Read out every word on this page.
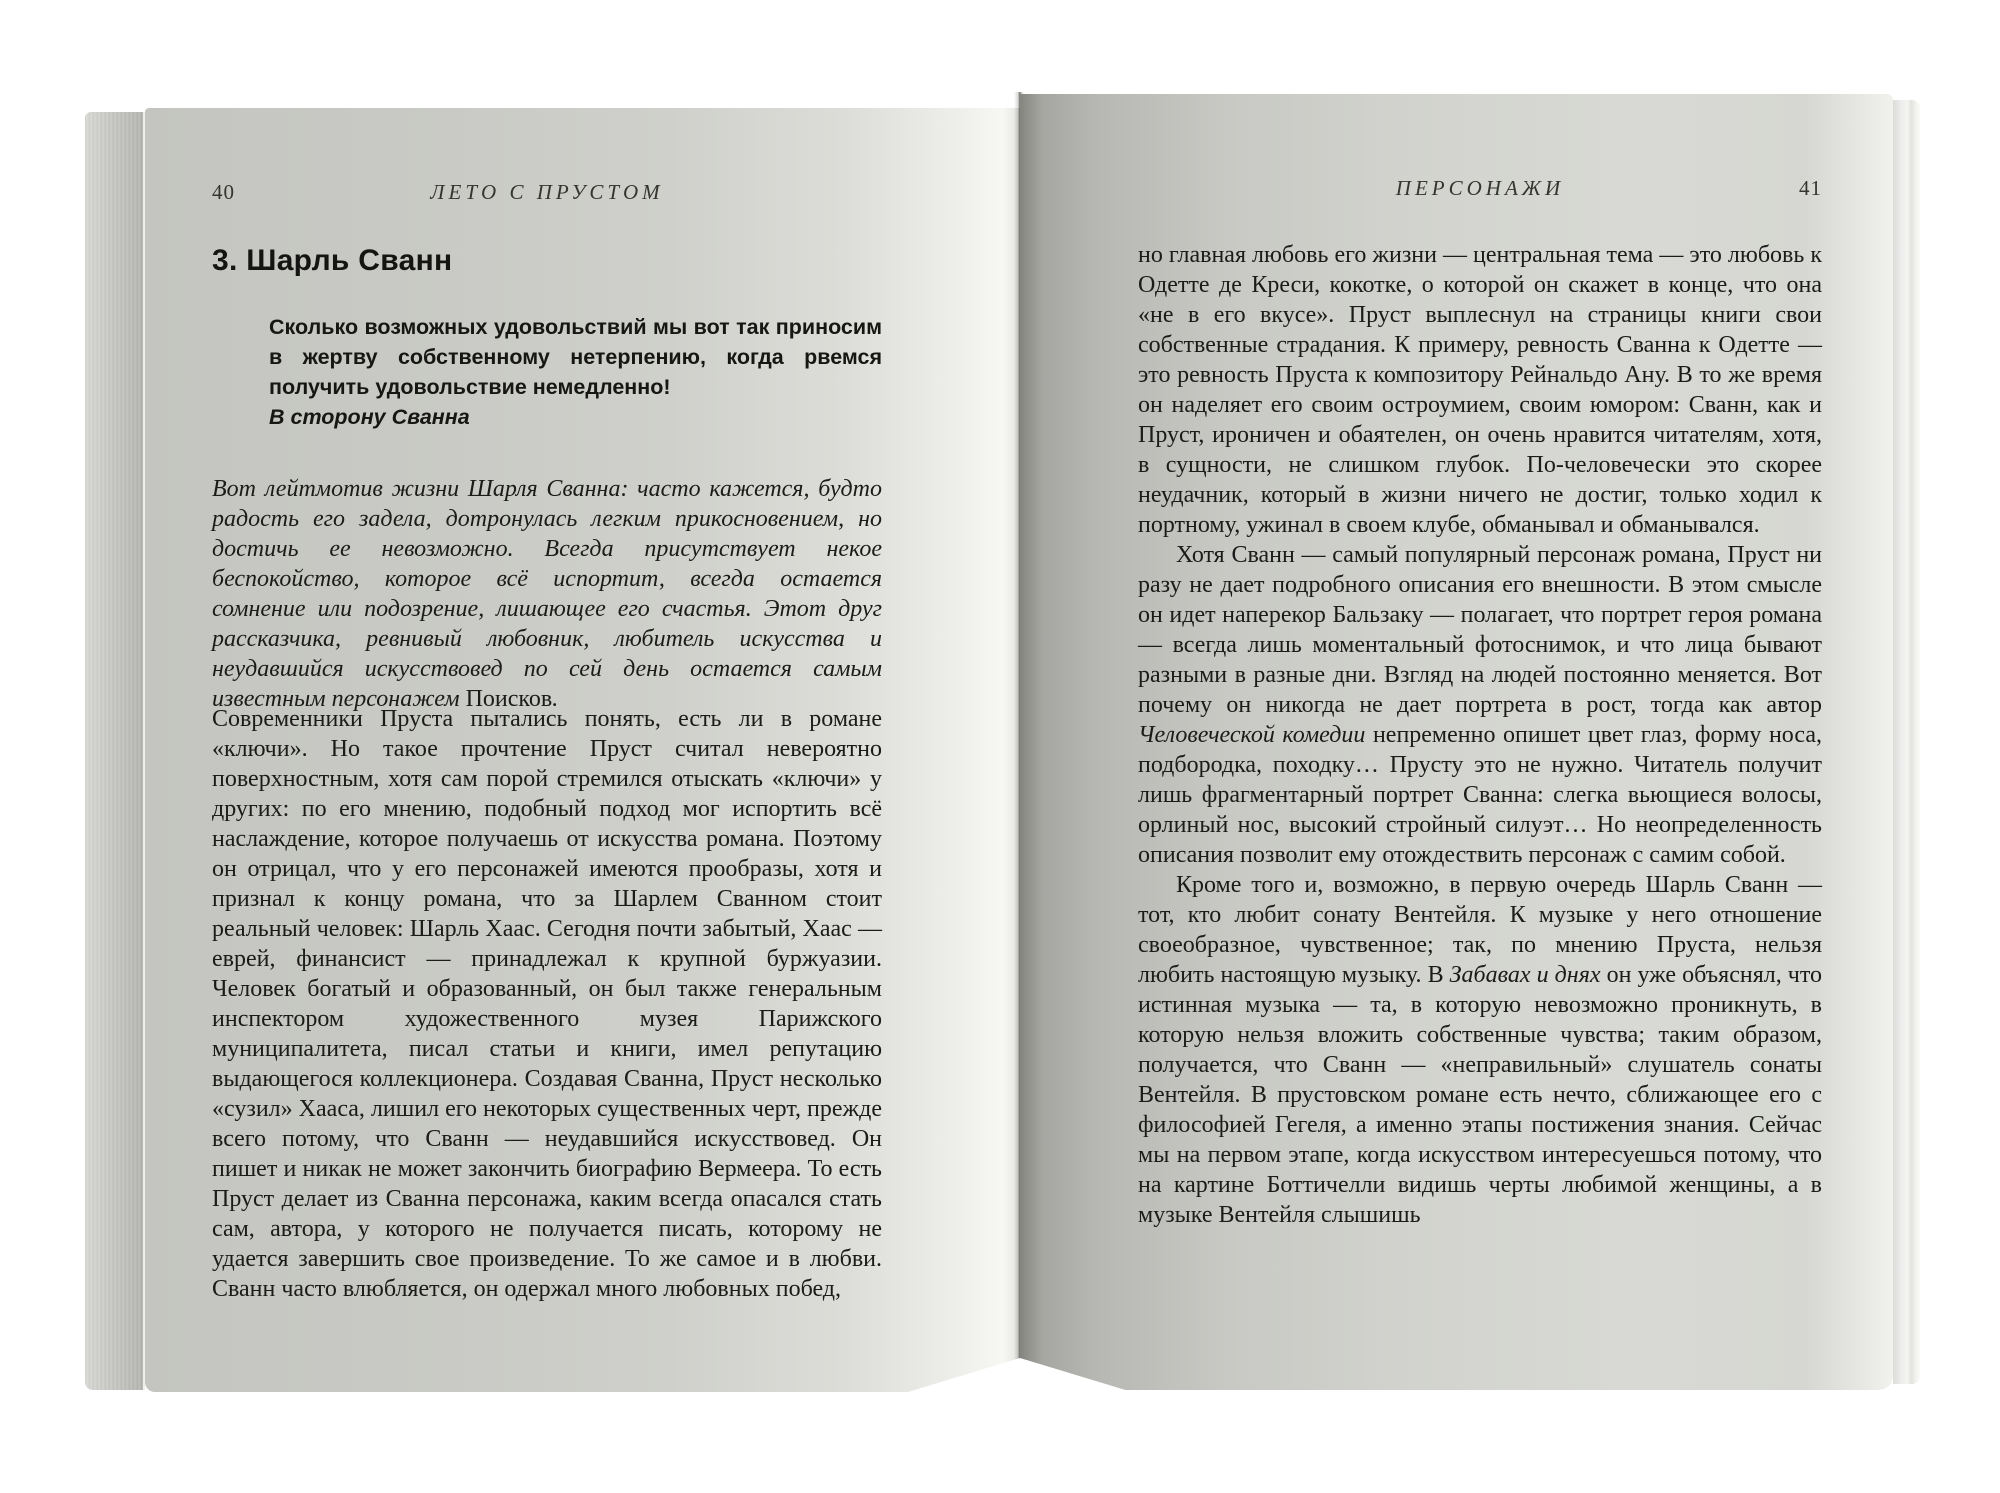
40	ЛЕТО С ПРУСТОМ
3. Шарль Сванн
Сколько возможных удовольствий мы вот так приносим в жертву собственному нетерпению, когда рвемся получить удовольствие немедленно!
В сторону Сванна
Вот лейтмотив жизни Шарля Сванна: часто кажется, будто радость его задела, дотронулась легким прикосновением, но достичь ее невозможно. Всегда присутствует некое беспокойство, которое всё испортит, всегда остается сомнение или подозрение, лишающее его счастья. Этот друг рассказчика, ревнивый любовник, любитель искусства и неудавшийся искусствовед по сей день остается самым известным персонажем Поисков.

Современники Пруста пытались понять, есть ли в романе «ключи». Но такое прочтение Пруст считал невероятно поверхностным, хотя сам порой стремился отыскать «ключи» у других: по его мнению, подобный подход мог испортить всё наслаждение, которое получаешь от искусства романа. Поэтому он отрицал, что у его персонажей имеются прообразы, хотя и признал к концу романа, что за Шарлем Сванном стоит реальный человек: Шарль Хаас. Сегодня почти забытый, Хаас — еврей, финансист — принадлежал к крупной буржуазии. Человек богатый и образованный, он был также генеральным инспектором художественного музея Парижского муниципалитета, писал статьи и книги, имел репутацию выдающегося коллекционера. Создавая Сванна, Пруст несколько «сузил» Хааса, лишил его некоторых существенных черт, прежде всего потому, что Сванн — неудавшийся искусствовед. Он пишет и никак не может закончить биографию Вермеера. То есть Пруст делает из Сванна персонажа, каким всегда опасался стать сам, автора, у которого не получается писать, которому не удается завершить свое произведение. То же самое и в любви. Сванн часто влюбляется, он одержал много любовных побед,

ПЕРСОНАЖИ	41

но главная любовь его жизни — центральная тема — это любовь к Одетте де Креси, кокотке, о которой он скажет в конце, что она «не в его вкусе». Пруст выплеснул на страницы книги свои собственные страдания. К примеру, ревность Сванна к Одетте — это ревность Пруста к композитору Рейнальдо Ану. В то же время он наделяет его своим остроумием, своим юмором: Сванн, как и Пруст, ироничен и обаятелен, он очень нравится читателям, хотя, в сущности, не слишком глубок. По-человечески это скорее неудачник, который в жизни ничего не достиг, только ходил к портному, ужинал в своем клубе, обманывал и обманывался.

Хотя Сванн — самый популярный персонаж романа, Пруст ни разу не дает подробного описания его внешности. В этом смысле он идет наперекор Бальзаку — полагает, что портрет героя романа — всегда лишь моментальный фотоснимок, и что лица бывают разными в разные дни. Взгляд на людей постоянно меняется. Вот почему он никогда не дает портрета в рост, тогда как автор Человеческой комедии непременно опишет цвет глаз, форму носа, подбородка, походку… Прусту это не нужно. Читатель получит лишь фрагментарный портрет Сванна: слегка вьющиеся волосы, орлиный нос, высокий стройный силуэт… Но неопределенность описания позволит ему отождествить персонаж с самим собой.

Кроме того и, возможно, в первую очередь Шарль Сванн — тот, кто любит сонату Вентейля. К музыке у него отношение своеобразное, чувственное; так, по мнению Пруста, нельзя любить настоящую музыку. В Забавах и днях он уже объяснял, что истинная музыка — та, в которую невозможно проникнуть, в которую нельзя вложить собственные чувства; таким образом, получается, что Сванн — «неправильный» слушатель сонаты Вентейля. В прустовском романе есть нечто, сближающее его с философией Гегеля, а именно этапы постижения знания. Сейчас мы на первом этапе, когда искусством интересуешься потому, что на картине Боттичелли видишь черты любимой женщины, а в музыке Вентейля слышишь
